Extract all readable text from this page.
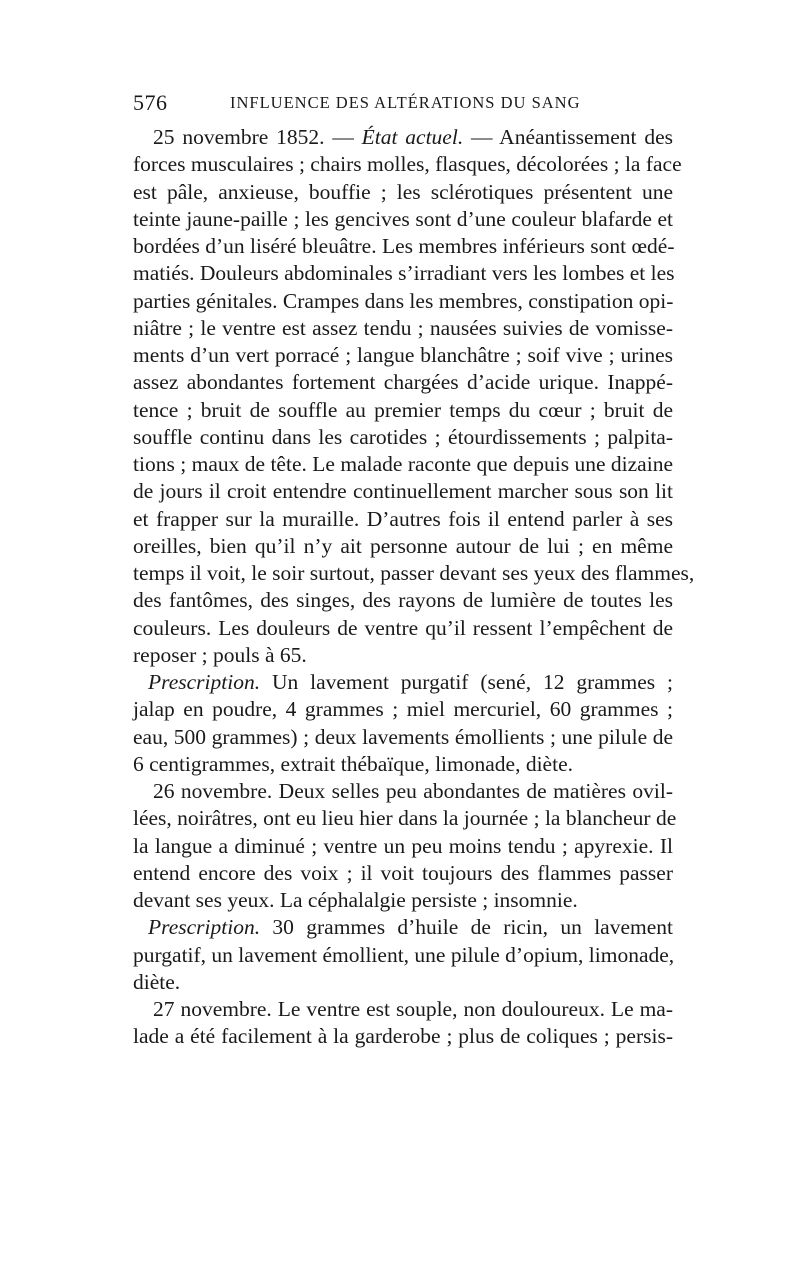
576	INFLUENCE DES ALTÉRATIONS DU SANG
25 novembre 1852. — État actuel. — Anéantissement des
forces musculaires ; chairs molles, flasques, décolorées ; la face
est pâle, anxieuse, bouffie ; les sclérotiques présentent une
teinte jaune-paille ; les gencives sont d’une couleur blafarde et
bordées d’un liséré bleuâtre. Les membres inférieurs sont œdé-
matiés. Douleurs abdominales s’irradiant vers les lombes et les
parties génitales. Crampes dans les membres, constipation opi-
niâtre ; le ventre est assez tendu ; nausées suivies de vomisse-
ments d’un vert porracé ; langue blanchâtre ; soif vive ; urines
assez abondantes fortement chargées d’acide urique. Inappé-
tence ; bruit de souffle au premier temps du cœur ; bruit de
souffle continu dans les carotides ; étourdissements ; palpita-
tions ; maux de tête. Le malade raconte que depuis une dizaine
de jours il croit entendre continuellement marcher sous son lit
et frapper sur la muraille. D’autres fois il entend parler à ses
oreilles, bien qu’il n’y ait personne autour de lui ; en même
temps il voit, le soir surtout, passer devant ses yeux des flammes,
des fantômes, des singes, des rayons de lumière de toutes les
couleurs. Les douleurs de ventre qu’il ressent l’empêchent de
reposer ; pouls à 65.
Prescription. Un lavement purgatif (sené, 12 grammes ;
jalap en poudre, 4 grammes ; miel mercuriel, 60 grammes ;
eau, 500 grammes) ; deux lavements émollients ; une pilule de
6 centigrammes, extrait thébaïque, limonade, diète.
26 novembre. Deux selles peu abondantes de matières ovil-
lées, noirâtres, ont eu lieu hier dans la journée ; la blancheur de
la langue a diminué ; ventre un peu moins tendu ; apyrexie. Il
entend encore des voix ; il voit toujours des flammes passer
devant ses yeux. La céphalalgie persiste ; insomnie.
Prescription. 30 grammes d’huile de ricin, un lavement
purgatif, un lavement émollient, une pilule d’opium, limonade,
diète.
27 novembre. Le ventre est souple, non douloureux. Le ma-
lade a été facilement à la garderobe ; plus de coliques ; persis-
